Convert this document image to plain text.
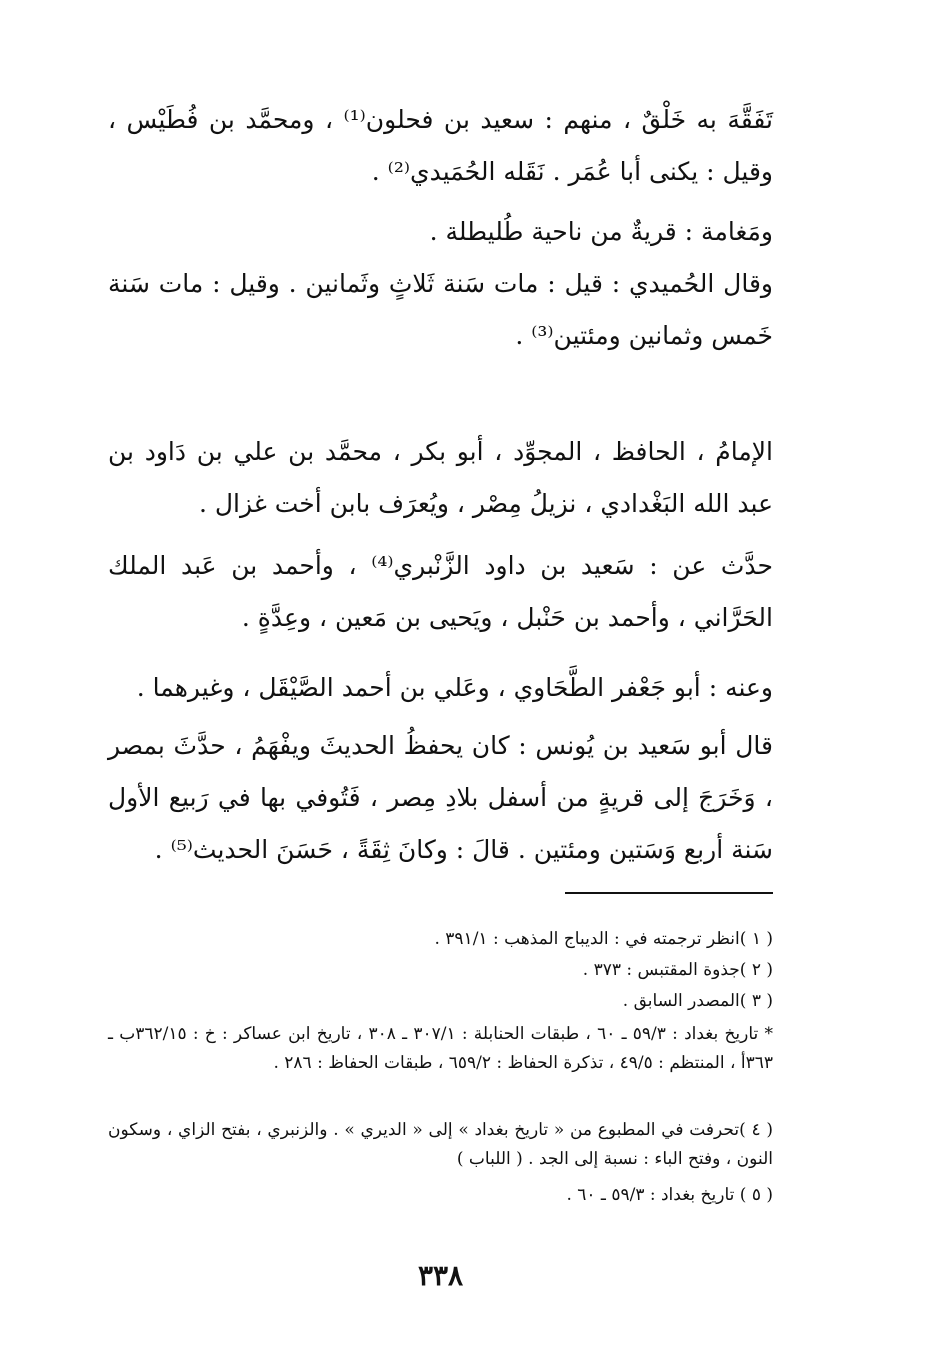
تَفَقَّهَ به خَلْقٌ ، منهم : سعيد بن فحلون⁽¹⁾ ، ومحمَّد بن فُطَيْس ، وقيل : يكنى أبا عُمَر . نَقَله الحُمَيدي⁽²⁾ .

ومَغامة : قريةٌ من ناحية طُليطلة .

وقال الحُميدي : قيل : مات سَنة ثَلاثٍ وثَمانين . وقيل : مات سَنة خَمس وثمانين ومئتين⁽³⁾ .

الإمامُ ، الحافظ ، المجوِّد ، أبو بكر ، محمَّد بن علي بن دَاود بن عبد الله البَغْدادي ، نزيلُ مِصْر ، ويُعرَف بابن أخت غزال .

حدَّث عن : سَعيد بن داود الزَّنْبري⁽⁴⁾ ، وأحمد بن عَبد الملك الحَرَّاني ، وأحمد بن حَنْبل ، ويَحيى بن مَعين ، وعِدَّةٍ .

وعنه : أبو جَعْفر الطَّحَاوي ، وعَلي بن أحمد الصَّيْقَل ، وغيرهما .

قال أبو سَعيد بن يُونس : كان يحفظُ الحديثَ ويفْهَمُ ، حدَّثَ بمصر ، وَخَرَجَ إلى قريةٍ من أسفل بلادِ مِصر ، فَتُوفي بها في رَبيع الأول سَنة أربع وَسَتين ومئتين . قالَ : وكانَ ثِقَةً ، حَسَنَ الحديث⁽⁵⁾ .

( ١ )انظر ترجمته في : الديباج المذهب : ٣٩١/١ .
( ٢ )جذوة المقتبس : ٣٧٣ .
( ٣ )المصدر السابق .
* تاريخ بغداد : ٥٩/٣ ـ ٦٠ ، طبقات الحنابلة : ٣٠٧/١ ـ ٣٠٨ ، تاريخ ابن عساكر : خ : ٣٦٢/١٥ب ـ ٣٦٣أ ، المنتظم : ٤٩/٥ ، تذكرة الحفاظ : ٦٥٩/٢ ، طبقات الحفاظ : ٢٨٦ .
( ٤ )تحرفت في المطبوع من « تاريخ بغداد » إلى « الديري » . والزنبري ، بفتح الزاي ، وسكون النون ، وفتح الباء : نسبة إلى الجد . ( اللباب )
( ٥ ) تاريخ بغداد : ٥٩/٣ ـ ٦٠ .
٣٣٨
